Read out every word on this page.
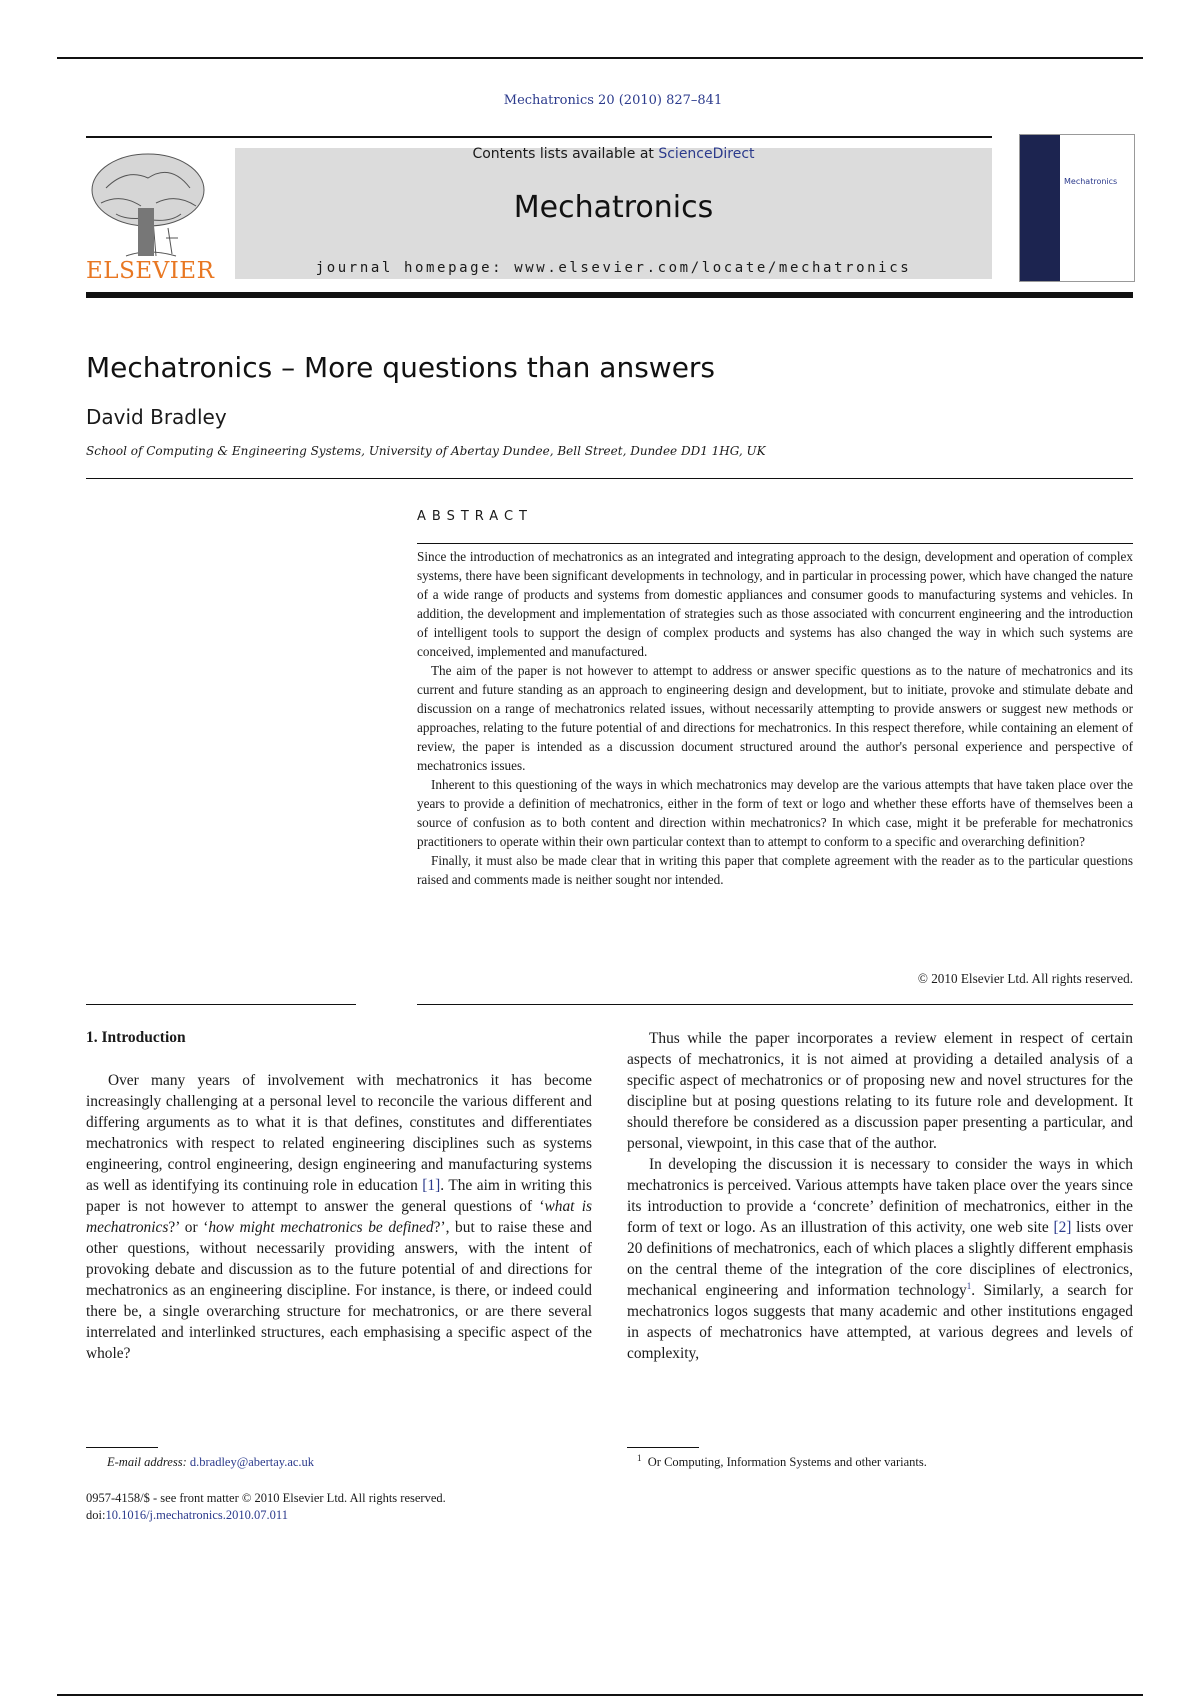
Mechatronics 20 (2010) 827–841
Contents lists available at ScienceDirect
Mechatronics
journal homepage: www.elsevier.com/locate/mechatronics
ELSEVIER
Mechatronics
Mechatronics – More questions than answers
David Bradley
School of Computing & Engineering Systems, University of Abertay Dundee, Bell Street, Dundee DD1 1HG, UK
ABSTRACT

Since the introduction of mechatronics as an integrated and integrating approach to the design, development and operation of complex systems, there have been significant developments in technology, and in particular in processing power, which have changed the nature of a wide range of products and systems from domestic appliances and consumer goods to manufacturing systems and vehicles. In addition, the development and implementation of strategies such as those associated with concurrent engineering and the introduction of intelligent tools to support the design of complex products and systems has also changed the way in which such systems are conceived, implemented and manufactured.

The aim of the paper is not however to attempt to address or answer specific questions as to the nature of mechatronics and its current and future standing as an approach to engineering design and development, but to initiate, provoke and stimulate debate and discussion on a range of mechatronics related issues, without necessarily attempting to provide answers or suggest new methods or approaches, relating to the future potential of and directions for mechatronics. In this respect therefore, while containing an element of review, the paper is intended as a discussion document structured around the author's personal experience and perspective of mechatronics issues.

Inherent to this questioning of the ways in which mechatronics may develop are the various attempts that have taken place over the years to provide a definition of mechatronics, either in the form of text or logo and whether these efforts have of themselves been a source of confusion as to both content and direction within mechatronics? In which case, might it be preferable for mechatronics practitioners to operate within their own particular context than to attempt to conform to a specific and overarching definition?

Finally, it must also be made clear that in writing this paper that complete agreement with the reader as to the particular questions raised and comments made is neither sought nor intended.

© 2010 Elsevier Ltd. All rights reserved.
1. Introduction

Over many years of involvement with mechatronics it has become increasingly challenging at a personal level to reconcile the various different and differing arguments as to what it is that defines, constitutes and differentiates mechatronics with respect to related engineering disciplines such as systems engineering, control engineering, design engineering and manufacturing systems as well as identifying its continuing role in education [1]. The aim in writing this paper is not however to attempt to answer the general questions of ‘what is mechatronics?’ or ‘how might mechatronics be defined?’, but to raise these and other questions, without necessarily providing answers, with the intent of provoking debate and discussion as to the future potential of and directions for mechatronics as an engineering discipline. For instance, is there, or indeed could there be, a single overarching structure for mechatronics, or are there several interrelated and interlinked structures, each emphasising a specific aspect of the whole?

Thus while the paper incorporates a review element in respect of certain aspects of mechatronics, it is not aimed at providing a detailed analysis of a specific aspect of mechatronics or of proposing new and novel structures for the discipline but at posing questions relating to its future role and development. It should therefore be considered as a discussion paper presenting a particular, and personal, viewpoint, in this case that of the author.

In developing the discussion it is necessary to consider the ways in which mechatronics is perceived. Various attempts have taken place over the years since its introduction to provide a ‘concrete’ definition of mechatronics, either in the form of text or logo. As an illustration of this activity, one web site [2] lists over 20 definitions of mechatronics, each of which places a slightly different emphasis on the central theme of the integration of the core disciplines of electronics, mechanical engineering and information technology$^1$. Similarly, a search for mechatronics logos suggests that many academic and other institutions engaged in aspects of mechatronics have attempted, at various degrees and levels of complexity,

E-mail address: d.bradley@abertay.ac.uk	$^1$ Or Computing, Information Systems and other variants.
0957-4158/$ - see front matter © 2010 Elsevier Ltd. All rights reserved.
doi:10.1016/j.mechatronics.2010.07.011
